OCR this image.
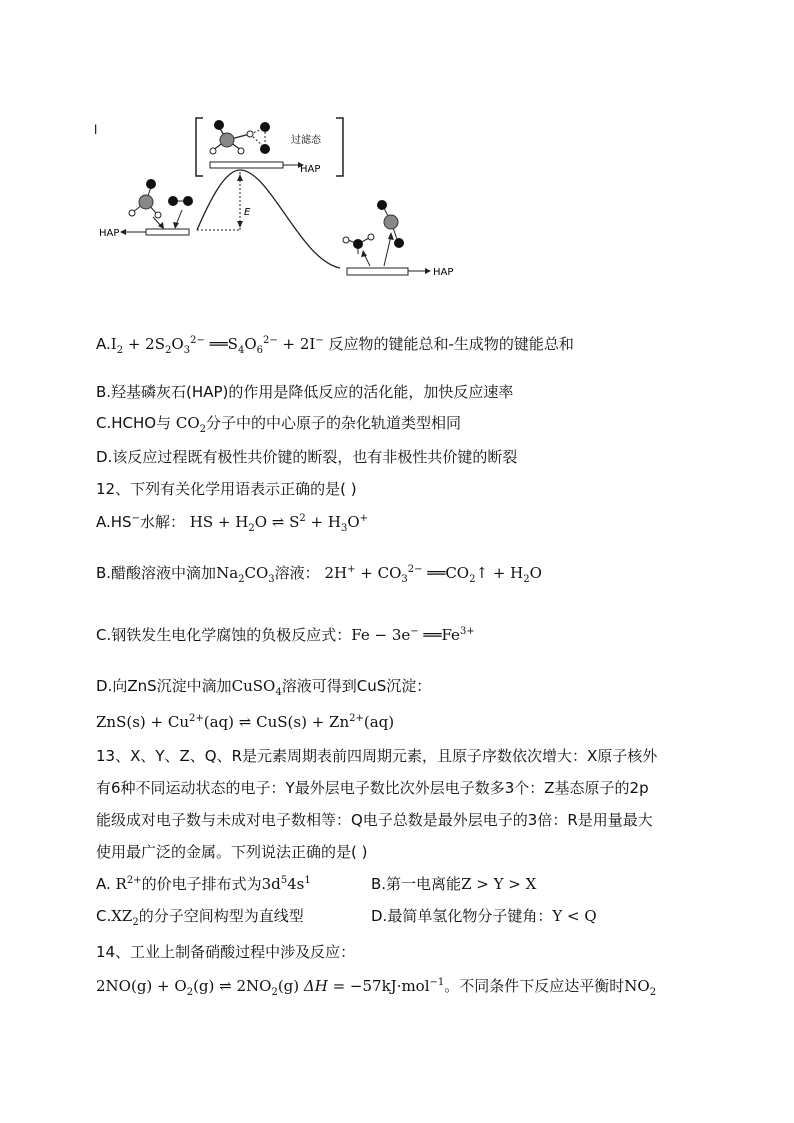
l
过滤态
HAP
E
HAP
HAP
$A.I_2 + 2S_2O_3^{2-}$ $══S_4O_6^{2-} + 2I^-$ 反应物的键能总和-生成物的键能总和
B.羟基磷灰石(HAP)的作用是降低反应的活化能，加快反应速率
C.HCHO与 $CO_2$分子中的中心原子的杂化轨道类型相同
D.该反应过程既有极性共价键的断裂，也有非极性共价键的断裂
12、下列有关化学用语表示正确的是( )
A.HS−水解： HS + $H_2O$ ⇌ $S^2 + H_3O^+$
B.醋酸溶液中滴加$Na_2CO_3$溶液： $2H^+ + CO_3^{2-}$ $══CO_2↑ + H_2O$
C.钢铁发生电化学腐蚀的负极反应式：Fe − 3e− $══Fe^{3+}$
D.向ZnS沉淀中滴加CuSO$_4$溶液可得到CuS沉淀：
$ZnS(s) + Cu^{2+}(aq)$ ⇌ $CuS(s) + Zn^{2+}(aq)$
13、X、Y、Z、Q、R是元素周期表前四周期元素，且原子序数依次增大：X原子核外
有6种不同运动状态的电子：Y最外层电子数比次外层电子数多3个：Z基态原子的2p
能级成对电子数与未成对电子数相等：Q电子总数是最外层电子的3倍：R是用量最大
使用最广泛的金属。下列说法正确的是( )
A. $R^{2+}$的价电子排布式为$3d^54s^1$	B.第一电离能Z > Y > X
$C.XZ_2$的分子空间构型为直线型	D.最简单氢化物分子键角：Y < Q
14、工业上制备硝酸过程中涉及反应：
$2NO(g) + O_2(g)$ ⇌ $2NO_2(g) \Delta H = -57kJ\cdot mol^{-1}$。不同条件下反应达平衡时$NO_2$
